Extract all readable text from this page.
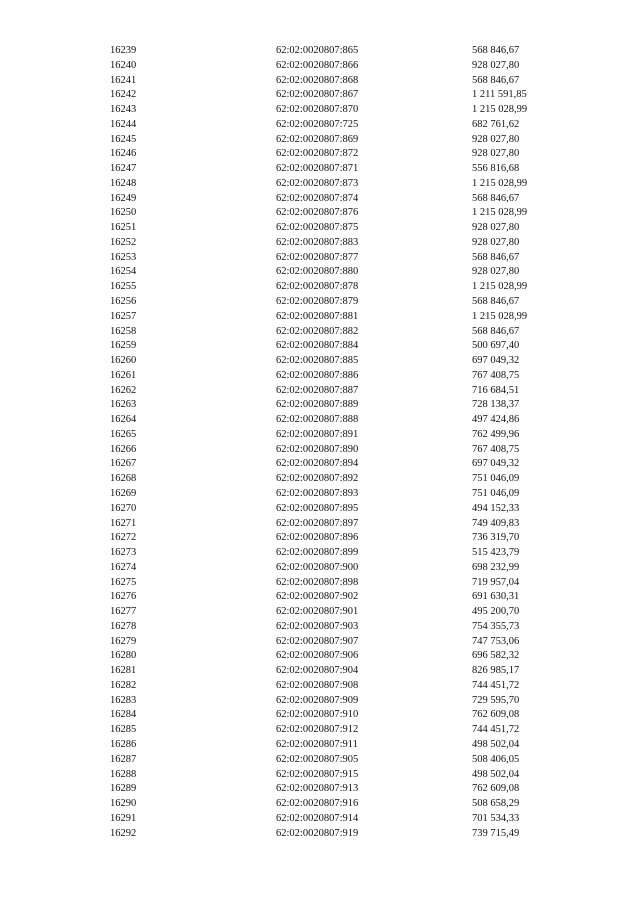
16239	62:02:0020807:865	568 846,67
16240	62:02:0020807:866	928 027,80
16241	62:02:0020807:868	568 846,67
16242	62:02:0020807:867	1 211 591,85
16243	62:02:0020807:870	1 215 028,99
16244	62:02:0020807:725	682 761,62
16245	62:02:0020807:869	928 027,80
16246	62:02:0020807:872	928 027,80
16247	62:02:0020807:871	556 816,68
16248	62:02:0020807:873	1 215 028,99
16249	62:02:0020807:874	568 846,67
16250	62:02:0020807:876	1 215 028,99
16251	62:02:0020807:875	928 027,80
16252	62:02:0020807:883	928 027,80
16253	62:02:0020807:877	568 846,67
16254	62:02:0020807:880	928 027,80
16255	62:02:0020807:878	1 215 028,99
16256	62:02:0020807:879	568 846,67
16257	62:02:0020807:881	1 215 028,99
16258	62:02:0020807:882	568 846,67
16259	62:02:0020807:884	500 697,40
16260	62:02:0020807:885	697 049,32
16261	62:02:0020807:886	767 408,75
16262	62:02:0020807:887	716 684,51
16263	62:02:0020807:889	728 138,37
16264	62:02:0020807:888	497 424,86
16265	62:02:0020807:891	762 499,96
16266	62:02:0020807:890	767 408,75
16267	62:02:0020807:894	697 049,32
16268	62:02:0020807:892	751 046,09
16269	62:02:0020807:893	751 046,09
16270	62:02:0020807:895	494 152,33
16271	62:02:0020807:897	749 409,83
16272	62:02:0020807:896	736 319,70
16273	62:02:0020807:899	515 423,79
16274	62:02:0020807:900	698 232,99
16275	62:02:0020807:898	719 957,04
16276	62:02:0020807:902	691 630,31
16277	62:02:0020807:901	495 200,70
16278	62:02:0020807:903	754 355,73
16279	62:02:0020807:907	747 753,06
16280	62:02:0020807:906	696 582,32
16281	62:02:0020807:904	826 985,17
16282	62:02:0020807:908	744 451,72
16283	62:02:0020807:909	729 595,70
16284	62:02:0020807:910	762 609,08
16285	62:02:0020807:912	744 451,72
16286	62:02:0020807:911	498 502,04
16287	62:02:0020807:905	508 406,05
16288	62:02:0020807:915	498 502,04
16289	62:02:0020807:913	762 609,08
16290	62:02:0020807:916	508 658,29
16291	62:02:0020807:914	701 534,33
16292	62:02:0020807:919	739 715,49
